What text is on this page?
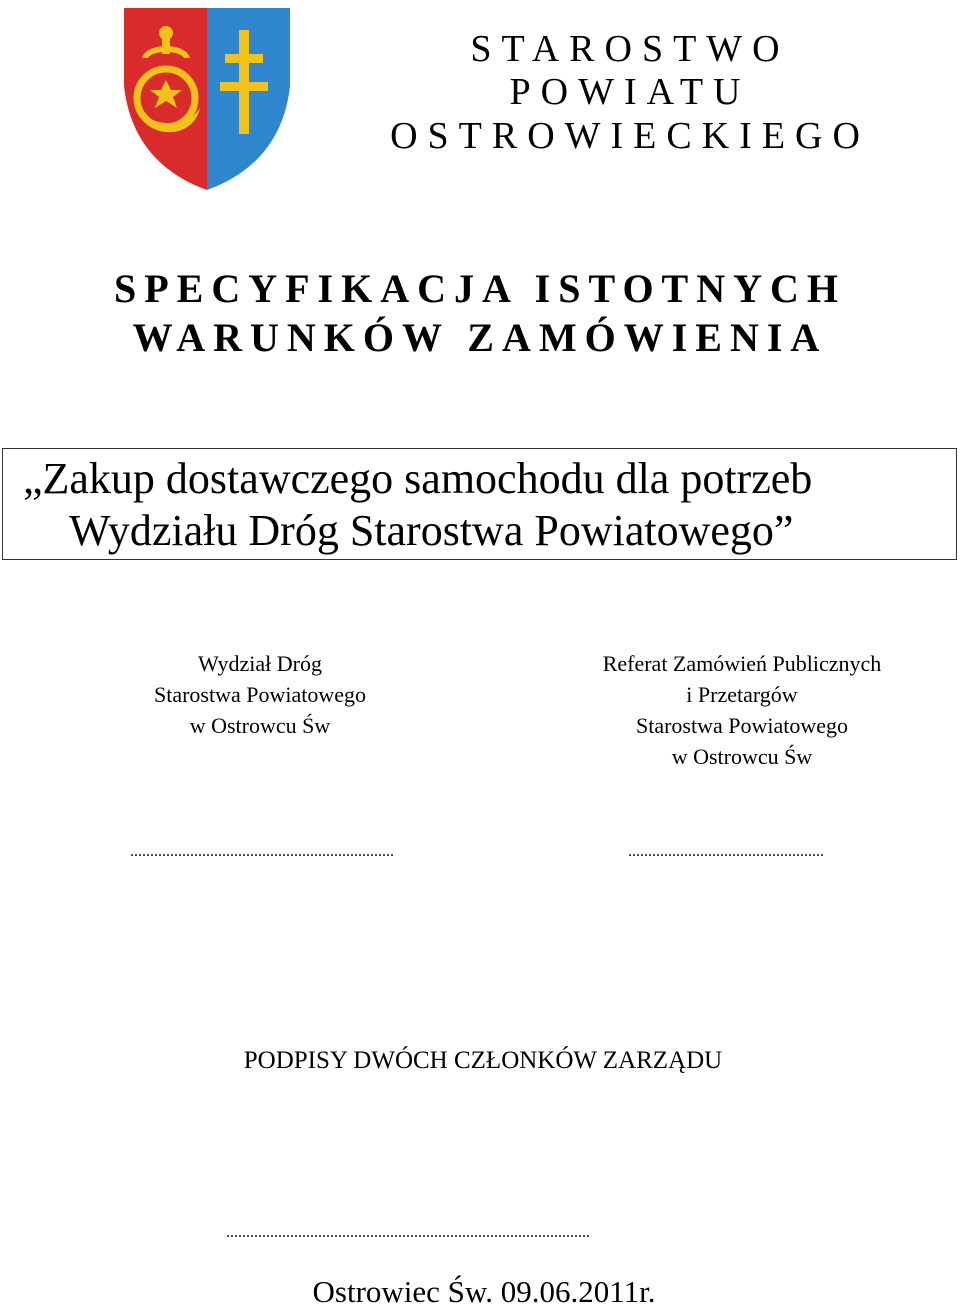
STAROSTWO
POWIATU
OSTROWIECKIEGO
SPECYFIKACJA ISTOTNYCH
WARUNKÓW ZAMÓWIENIA
„Zakup dostawczego samochodu dla potrzeb
Wydziału Dróg Starostwa Powiatowego”
Wydział Dróg
Starostwa Powiatowego
w Ostrowcu Św
Referat Zamówień Publicznych
i Przetargów
Starostwa Powiatowego
w Ostrowcu Św
..................................................................	.................................................
PODPISY DWÓCH CZŁONKÓW ZARZĄDU
...........................................................................................
Ostrowiec Św. 09.06.2011r.
